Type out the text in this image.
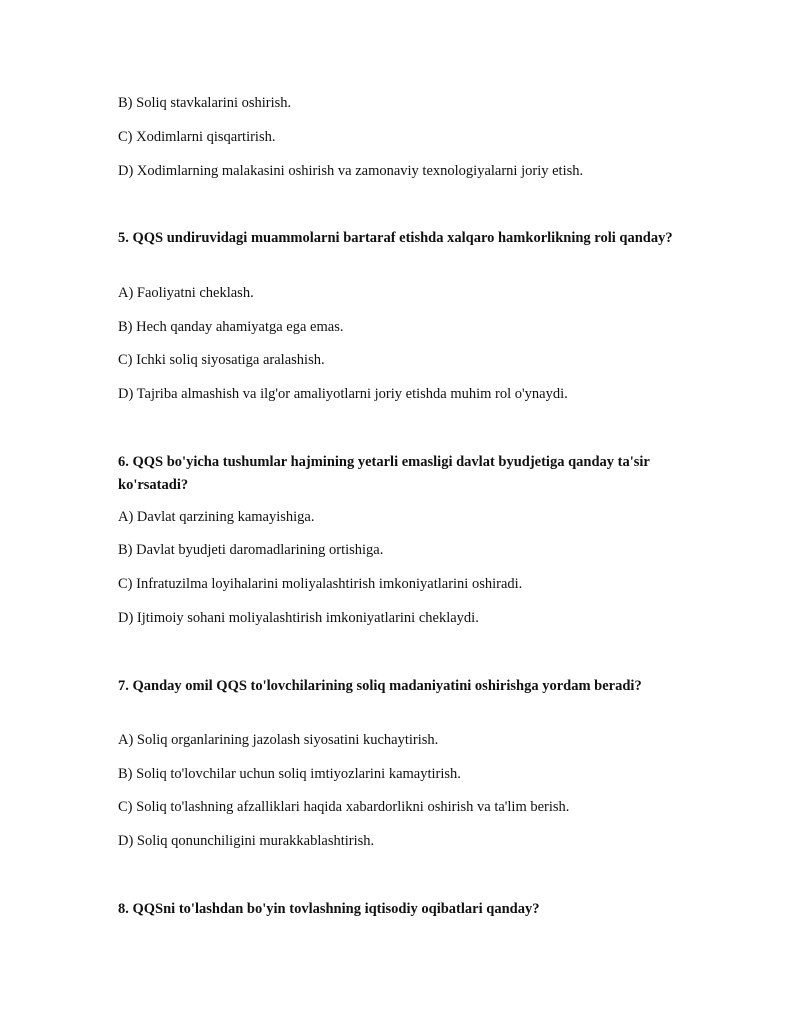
B) Soliq stavkalarini oshirish.
C) Xodimlarni qisqartirish.
D) Xodimlarning malakasini oshirish va zamonaviy texnologiyalarni joriy etish.
5. QQS undiruvidagi muammolarni bartaraf etishda xalqaro hamkorlikning roli qanday?
A) Faoliyatni cheklash.
B) Hech qanday ahamiyatga ega emas.
C) Ichki soliq siyosatiga aralashish.
D) Tajriba almashish va ilg'or amaliyotlarni joriy etishda muhim rol o'ynaydi.
6. QQS bo'yicha tushumlar hajmining yetarli emasligi davlat byudjetiga qanday ta'sir ko'rsatadi?
A) Davlat qarzining kamayishiga.
B) Davlat byudjeti daromadlarining ortishiga.
C) Infratuzilma loyihalarini moliyalashtirish imkoniyatlarini oshiradi.
D) Ijtimoiy sohani moliyalashtirish imkoniyatlarini cheklaydi.
7. Qanday omil QQS to'lovchilarining soliq madaniyatini oshirishga yordam beradi?
A) Soliq organlarining jazolash siyosatini kuchaytirish.
B) Soliq to'lovchilar uchun soliq imtiyozlarini kamaytirish.
C) Soliq to'lashning afzalliklari haqida xabardorlikni oshirish va ta'lim berish.
D) Soliq qonunchiligini murakkablashtirish.
8. QQSni to'lashdan bo'yin tovlashning iqtisodiy oqibatlari qanday?
